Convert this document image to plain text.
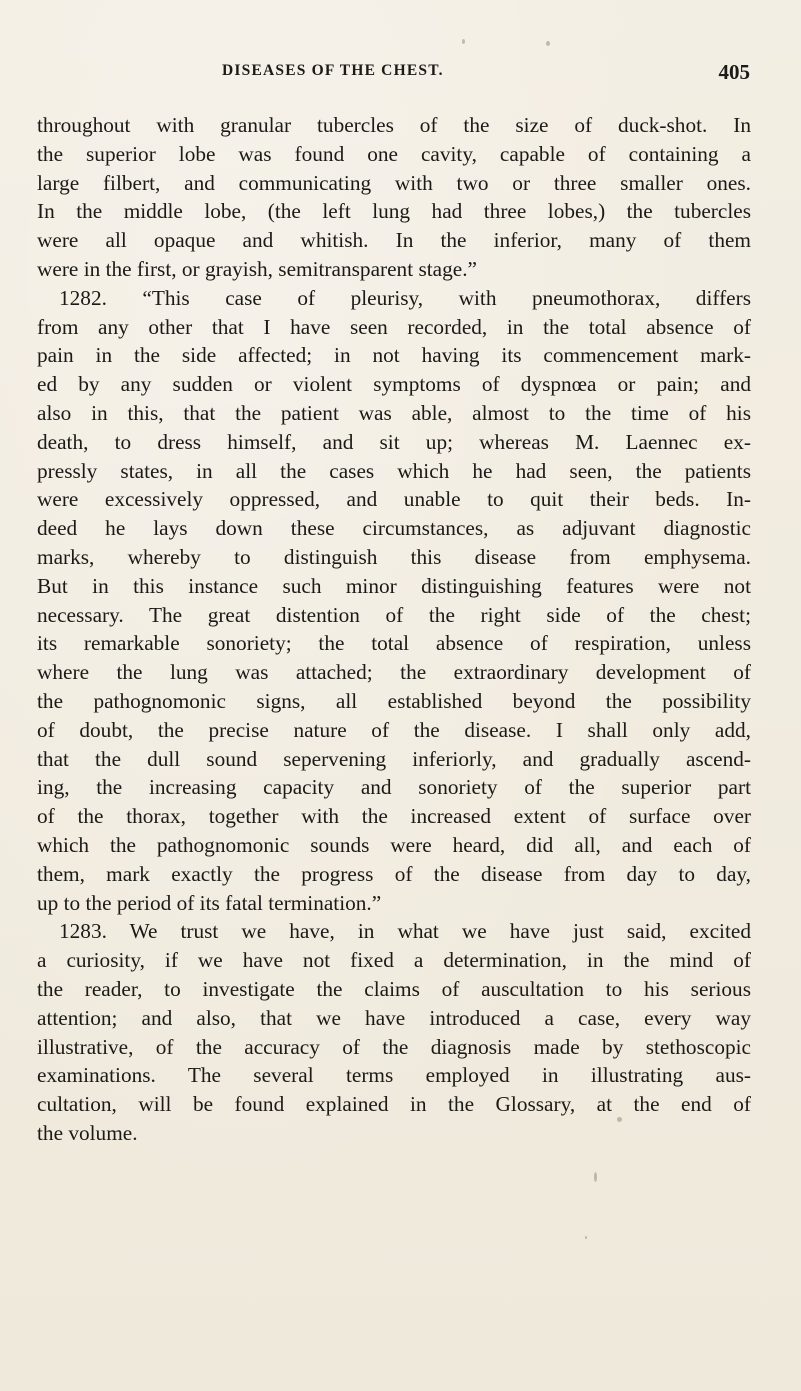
DISEASES OF THE CHEST.	405
throughout with granular tubercles of the size of duck-shot. In
the superior lobe was found one cavity, capable of containing a
large filbert, and communicating with two or three smaller ones.
In the middle lobe, (the left lung had three lobes,) the tubercles
were all opaque and whitish. In the inferior, many of them
were in the first, or grayish, semitransparent stage.”
1282. “This case of pleurisy, with pneumothorax, differs
from any other that I have seen recorded, in the total absence of
pain in the side affected; in not having its commencement mark-
ed by any sudden or violent symptoms of dyspnœa or pain; and
also in this, that the patient was able, almost to the time of his
death, to dress himself, and sit up; whereas M. Laennec ex-
pressly states, in all the cases which he had seen, the patients
were excessively oppressed, and unable to quit their beds. In-
deed he lays down these circumstances, as adjuvant diagnostic
marks, whereby to distinguish this disease from emphysema.
But in this instance such minor distinguishing features were not
necessary. The great distention of the right side of the chest;
its remarkable sonoriety; the total absence of respiration, unless
where the lung was attached; the extraordinary development of
the pathognomonic signs, all established beyond the possibility
of doubt, the precise nature of the disease. I shall only add,
that the dull sound sepervening inferiorly, and gradually ascend-
ing, the increasing capacity and sonoriety of the superior part
of the thorax, together with the increased extent of surface over
which the pathognomonic sounds were heard, did all, and each of
them, mark exactly the progress of the disease from day to day,
up to the period of its fatal termination.”
1283. We trust we have, in what we have just said, excited
a curiosity, if we have not fixed a determination, in the mind of
the reader, to investigate the claims of auscultation to his serious
attention; and also, that we have introduced a case, every way
illustrative, of the accuracy of the diagnosis made by stethoscopic
examinations. The several terms employed in illustrating aus-
cultation, will be found explained in the Glossary, at the end of
the volume.
